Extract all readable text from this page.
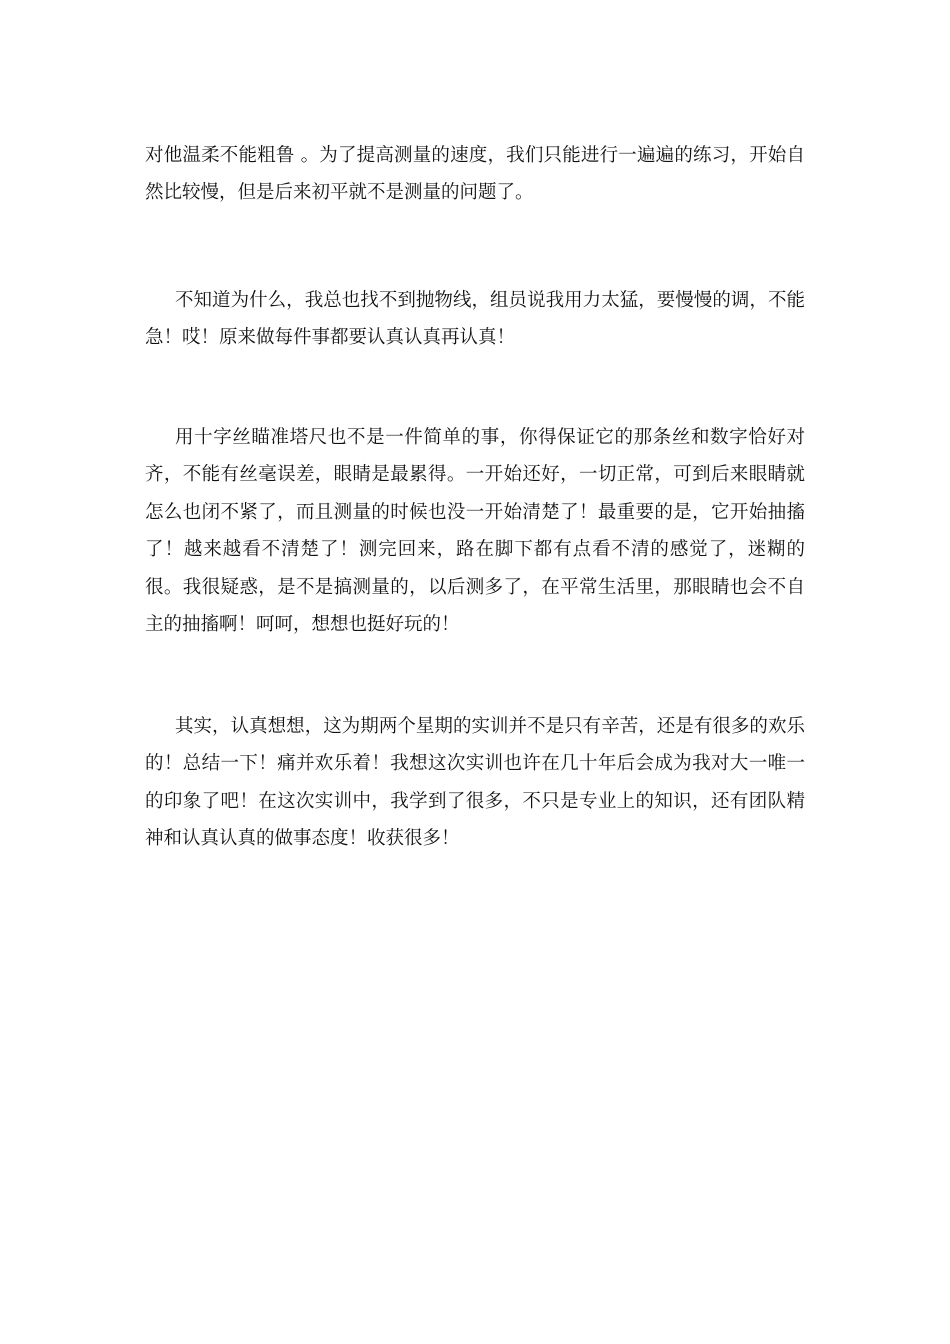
对他温柔不能粗鲁 。为了提高测量的速度，我们只能进行一遍遍的练习，开始自然比较慢，但是后来初平就不是测量的问题了。

不知道为什么，我总也找不到抛物线，组员说我用力太猛，要慢慢的调，不能急！哎！原来做每件事都要认真认真再认真！

用十字丝瞄准塔尺也不是一件简单的事，你得保证它的那条丝和数字恰好对齐，不能有丝毫误差，眼睛是最累得。一开始还好，一切正常，可到后来眼睛就怎么也闭不紧了，而且测量的时候也没一开始清楚了！最重要的是，它开始抽搐了！越来越看不清楚了！测完回来，路在脚下都有点看不清的感觉了，迷糊的很。我很疑惑，是不是搞测量的，以后测多了，在平常生活里，那眼睛也会不自主的抽搐啊！呵呵，想想也挺好玩的！

其实，认真想想，这为期两个星期的实训并不是只有辛苦，还是有很多的欢乐的！总结一下！痛并欢乐着！我想这次实训也许在几十年后会成为我对大一唯一的印象了吧！在这次实训中，我学到了很多，不只是专业上的知识，还有团队精神和认真认真的做事态度！收获很多！
